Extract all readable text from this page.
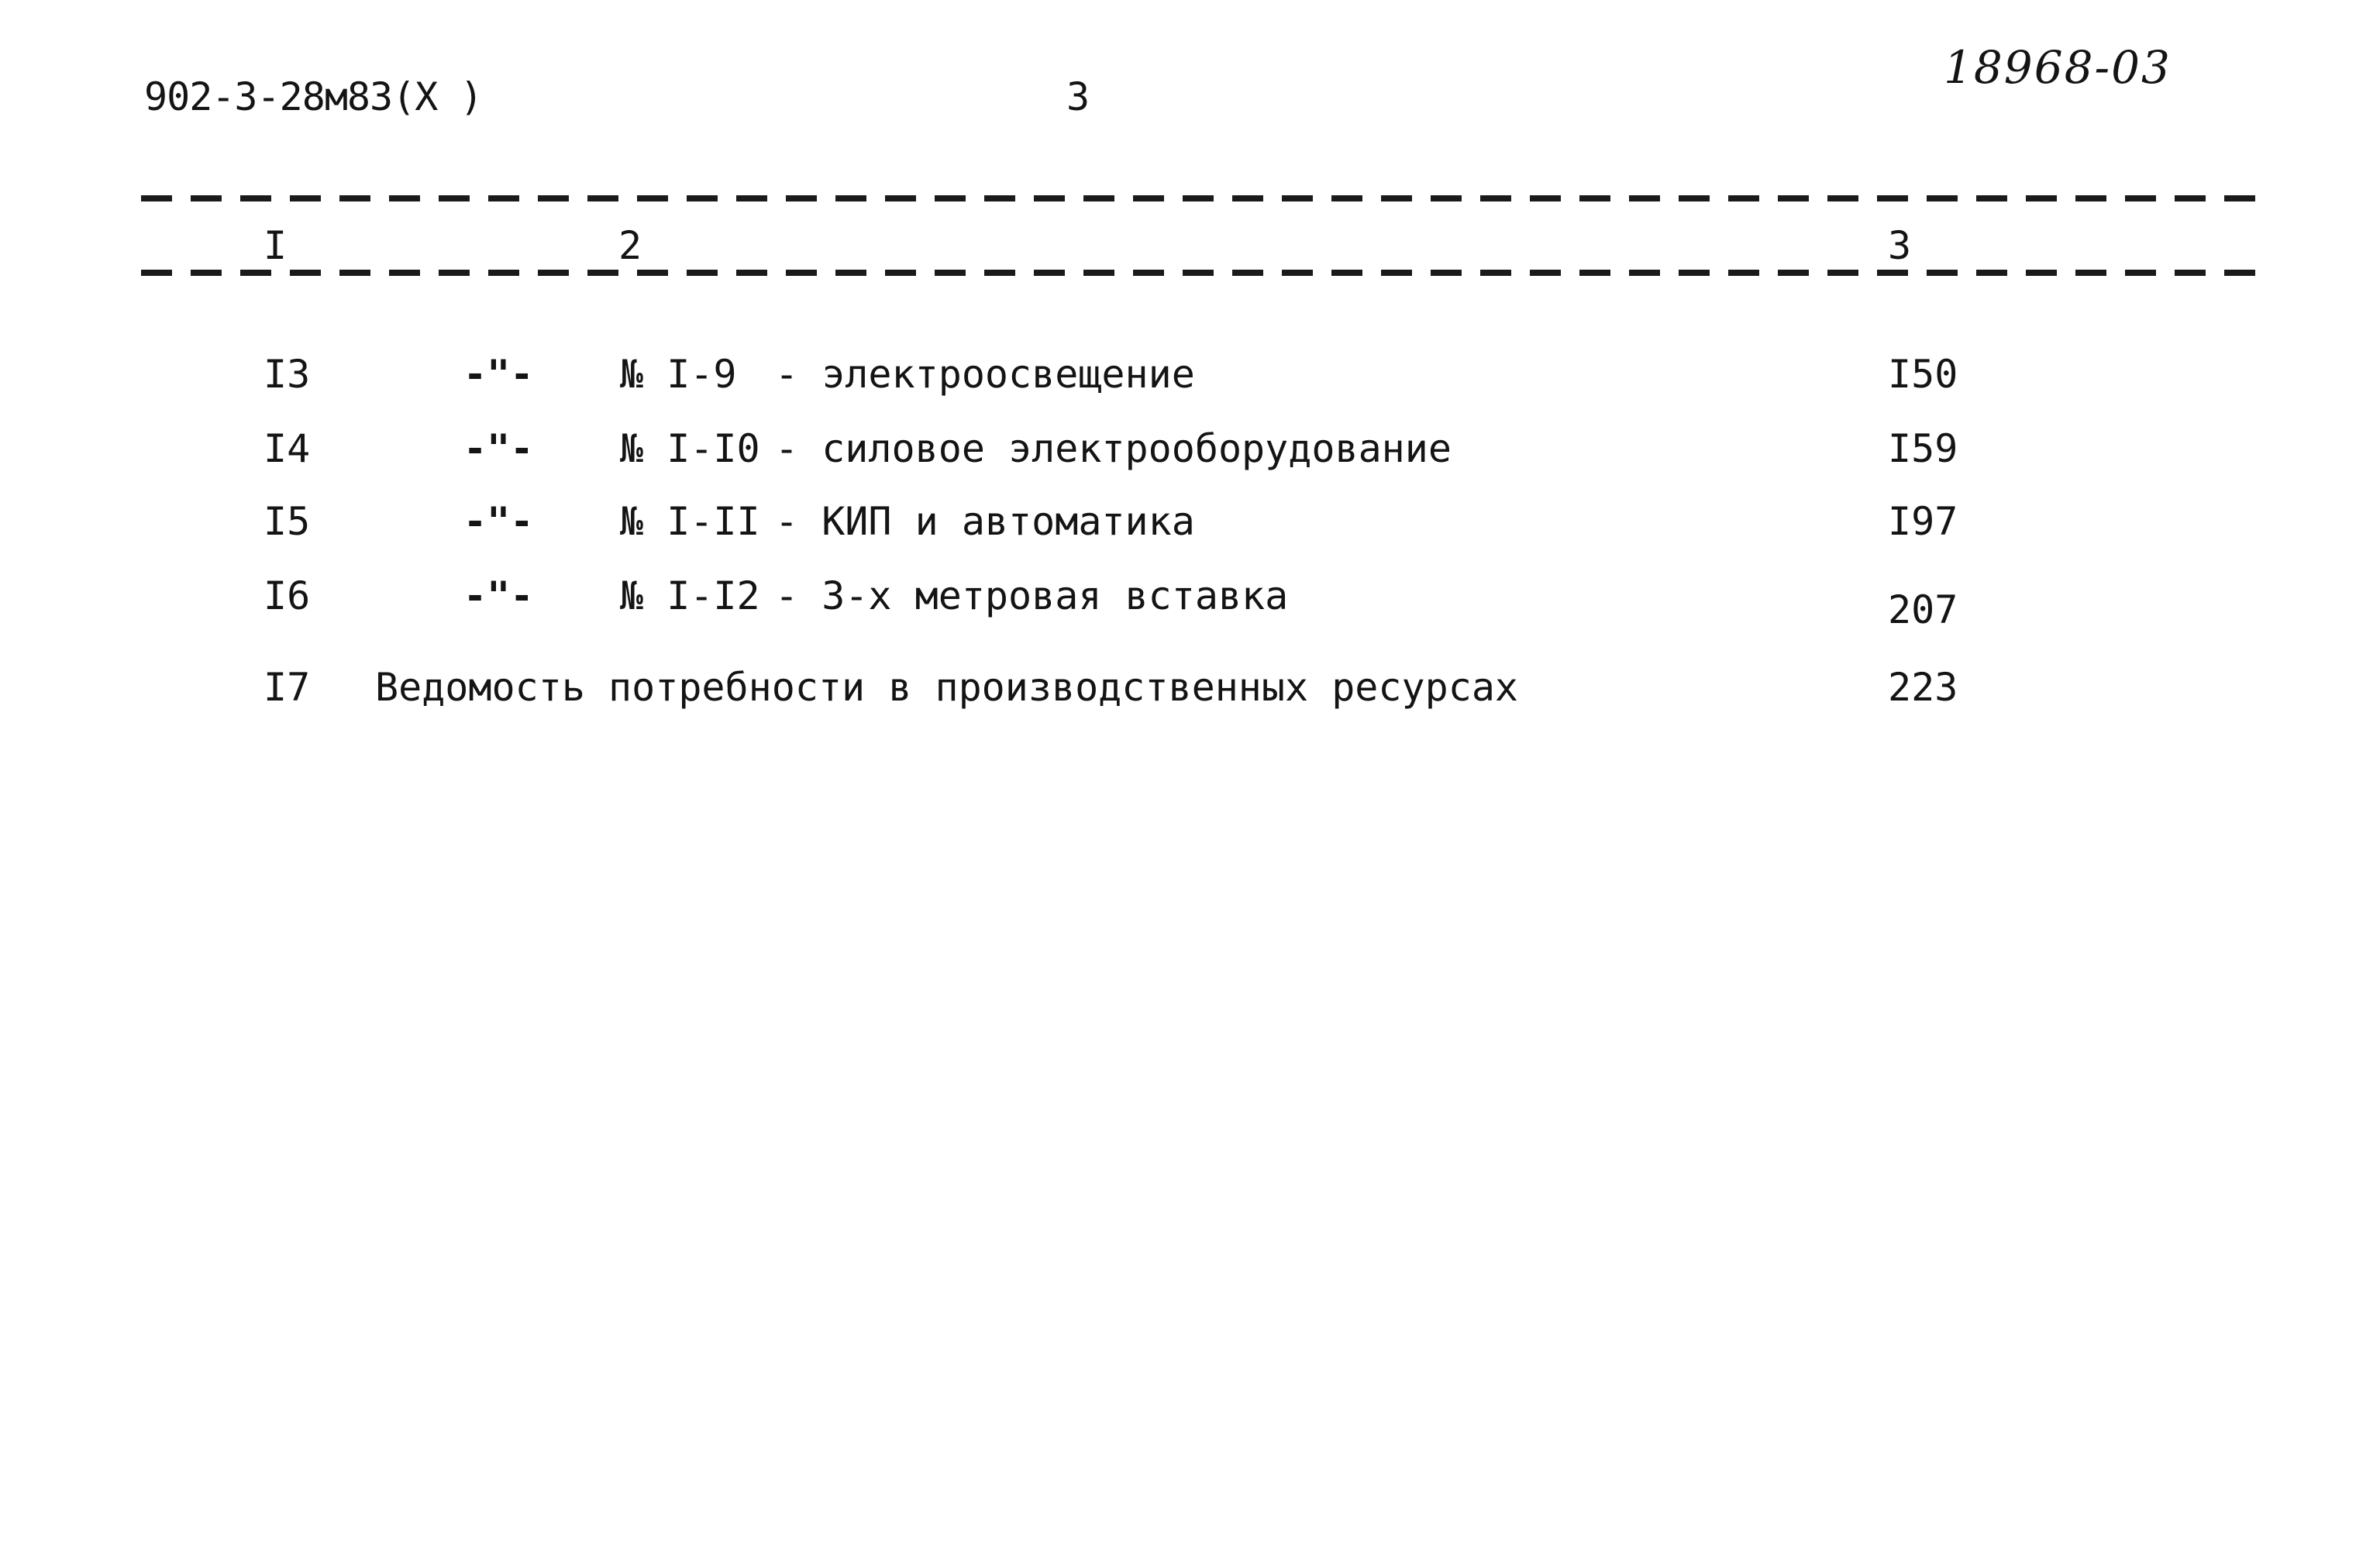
902-3-28м83(Х )	3
18968-03
I	2	3
I3	-"- № I-9 - электроосвещение	I50
I4	-"- № I-I0 - силовое электрооборудование	I59
I5	-"- № I-II - КИП и автоматика	I97
I6	-"- № I-I2 - 3-х метровая вставка	207
I7 Ведомость потребности в производственных ресурсах	223
